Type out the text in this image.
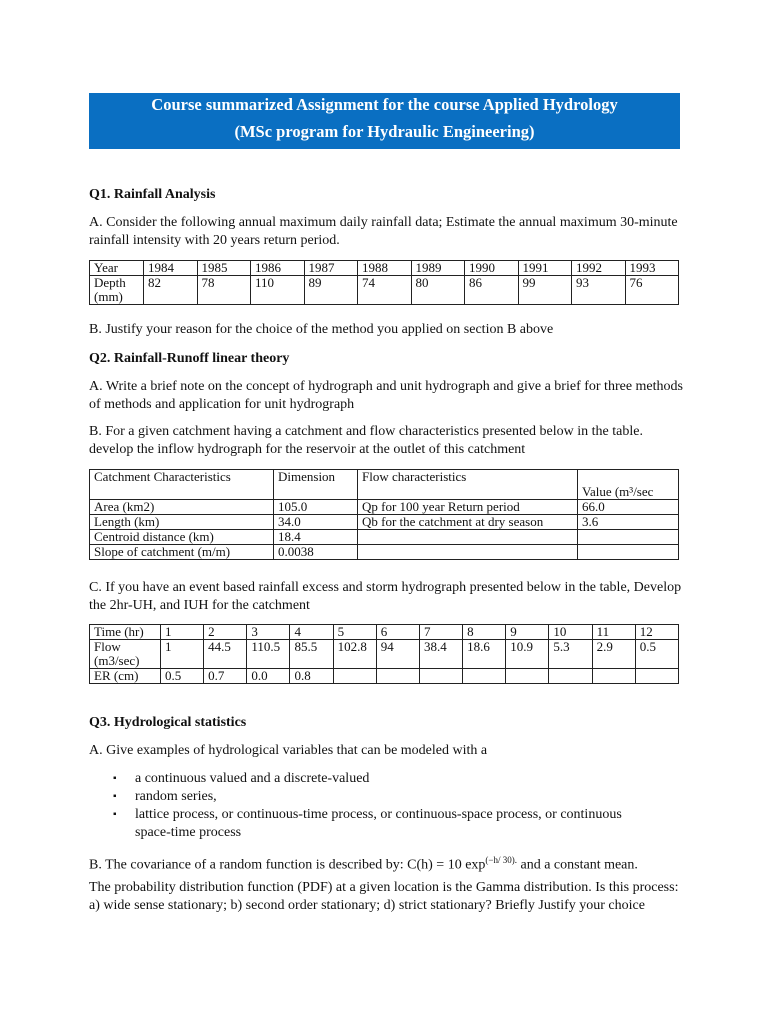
Course summarized Assignment for the course Applied Hydrology
(MSc program for Hydraulic Engineering)
Q1. Rainfall Analysis
A. Consider the following annual maximum daily rainfall data; Estimate the annual maximum 30-minute
rainfall intensity with 20 years return period.
Year	1984	1985	1986	1987	1988	1989	1990	1991	1992	1993
Depth
(mm)	82	78	110	89	74	80	86	99	93	76
B. Justify your reason for the choice of the method you applied on section B above
Q2. Rainfall-Runoff linear theory
A. Write a brief note on the concept of hydrograph and unit hydrograph and give a brief for three methods
of methods and application for unit hydrograph
B. For a given catchment having a catchment and flow characteristics presented below in the table.
develop the inflow hydrograph for the reservoir at the outlet of this catchment
Catchment Characteristics	Dimension	Flow characteristics	Value (m³/sec
Area (km2)	105.0	Qp for 100 year Return period	66.0
Length (km)	34.0	Qb for the catchment at dry season	3.6
Centroid distance (km)	18.4		
Slope of catchment (m/m)	0.0038		
C. If you have an event based rainfall excess and storm hydrograph presented below in the table, Develop
the 2hr-UH, and IUH for the catchment
Time (hr)	1	2	3	4	5	6	7	8	9	10	11	12
Flow
(m3/sec)	1	44.5	110.5	85.5	102.8	94	38.4	18.6	10.9	5.3	2.9	0.5
ER (cm)	0.5	0.7	0.0	0.8								
Q3. Hydrological statistics
A. Give examples of hydrological variables that can be modeled with a
▪ a continuous valued and a discrete-valued
▪ random series,
▪ lattice process, or continuous-time process, or continuous-space process, or continuous space-time process
B. The covariance of a random function is described by: C(h) = 10 $\exp^{(-h/ 30).}$ and a constant mean.
The probability distribution function (PDF) at a given location is the Gamma distribution. Is this process:
a) wide sense stationary; b) second order stationary; d) strict stationary? Briefly Justify your choice
